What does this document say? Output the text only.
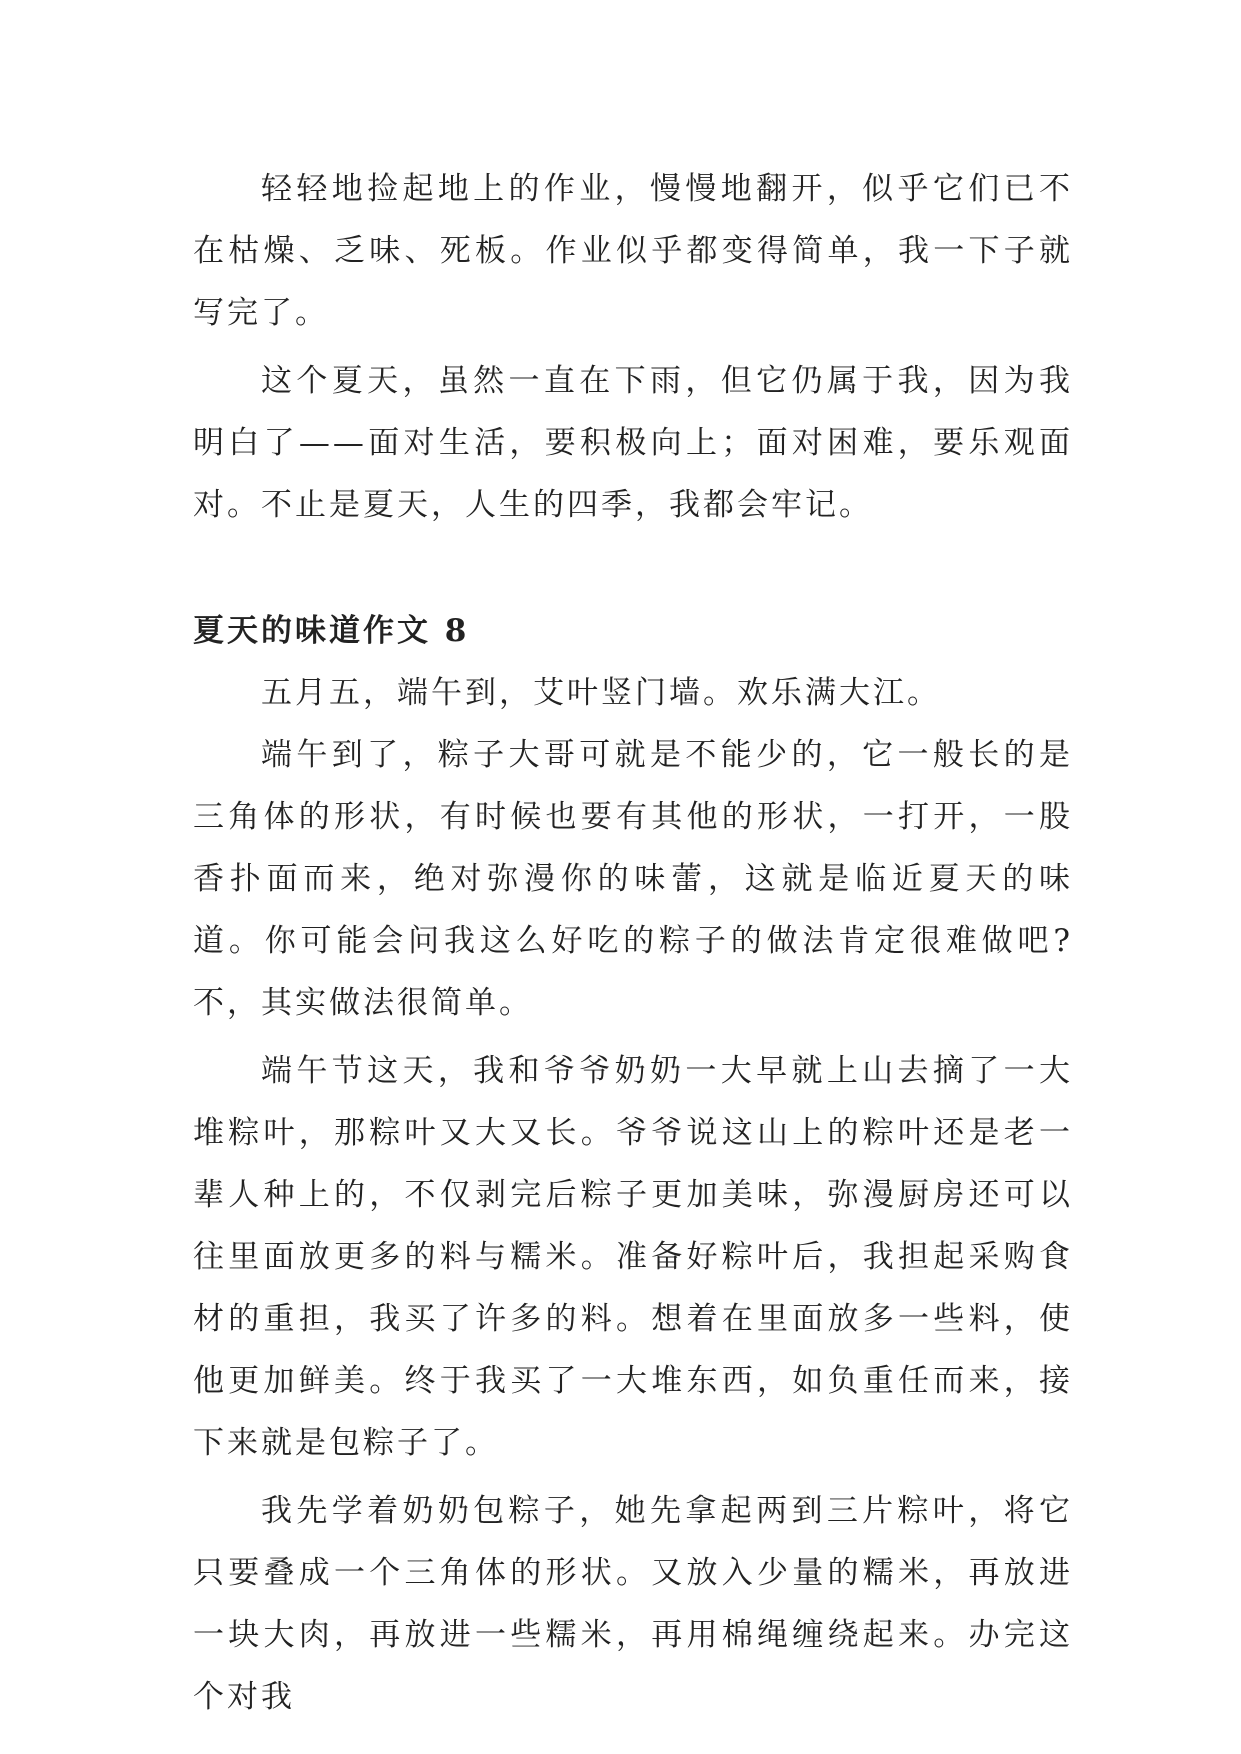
轻轻地捡起地上的作业，慢慢地翻开，似乎它们已不在枯燥、乏味、死板。作业似乎都变得简单，我一下子就写完了。

这个夏天，虽然一直在下雨，但它仍属于我，因为我明白了——面对生活，要积极向上；面对困难，要乐观面对。不止是夏天，人生的四季，我都会牢记。

夏天的味道作文 8

五月五，端午到，艾叶竖门墙。欢乐满大江。

端午到了，粽子大哥可就是不能少的，它一般长的是三角体的形状，有时候也要有其他的形状，一打开，一股香扑面而来，绝对弥漫你的味蕾，这就是临近夏天的味道。你可能会问我这么好吃的粽子的做法肯定很难做吧?不，其实做法很简单。

端午节这天，我和爷爷奶奶一大早就上山去摘了一大堆粽叶，那粽叶又大又长。爷爷说这山上的粽叶还是老一辈人种上的，不仅剥完后粽子更加美味，弥漫厨房还可以往里面放更多的料与糯米。准备好粽叶后，我担起采购食材的重担，我买了许多的料。想着在里面放多一些料，使他更加鲜美。终于我买了一大堆东西，如负重任而来，接下来就是包粽子了。

我先学着奶奶包粽子，她先拿起两到三片粽叶，将它只要叠成一个三角体的形状。又放入少量的糯米，再放进一块大肉，再放进一些糯米，再用棉绳缠绕起来。办完这个对我
